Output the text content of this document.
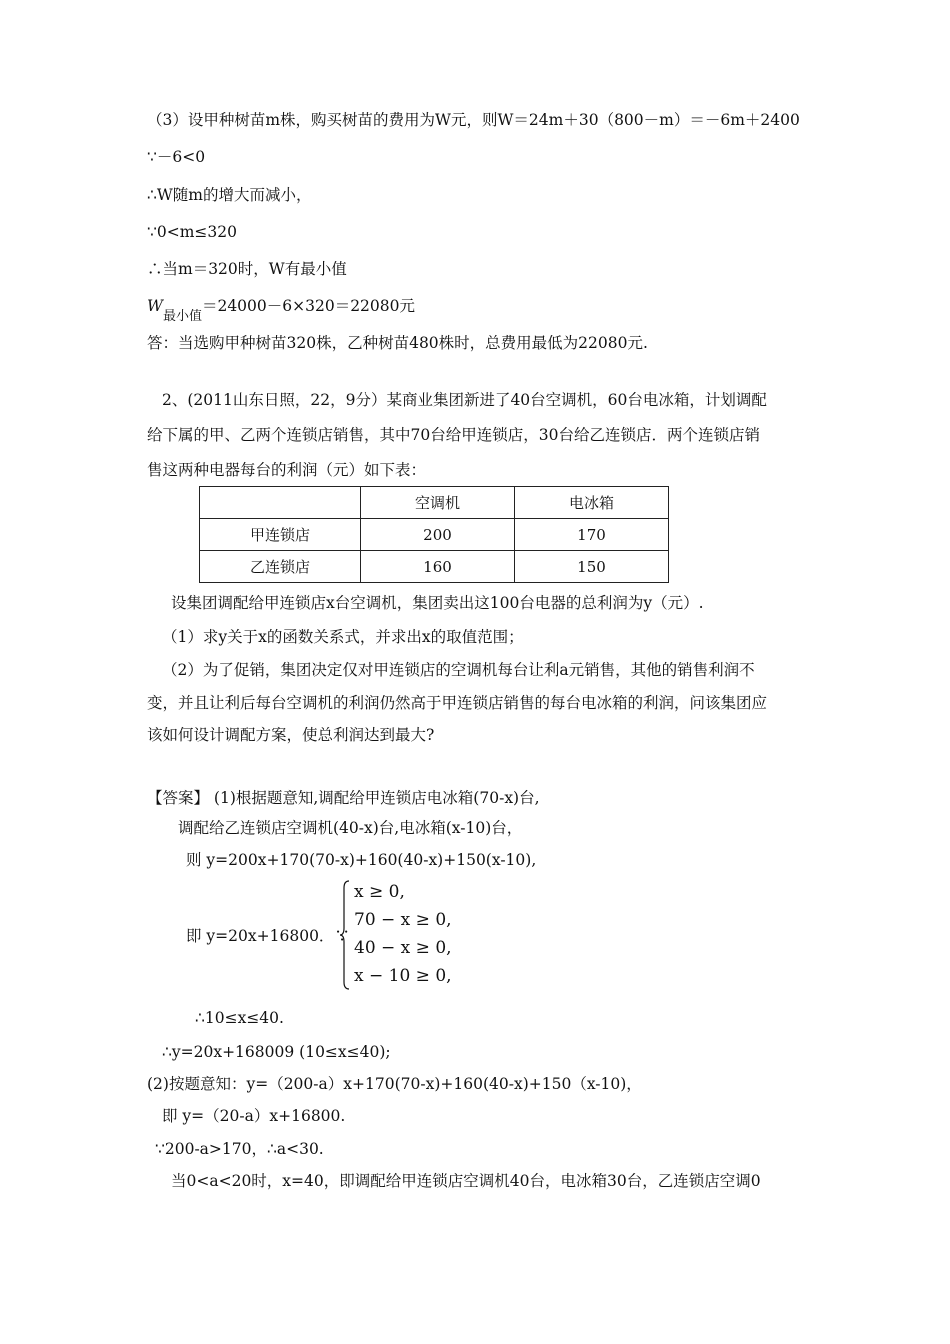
（3）设甲种树苗m株，购买树苗的费用为W元，则W＝24m＋30（800－m）＝－6m＋2400
∵－6<0
∴W随m的增大而减小，
∵0<m≤320
∴当m＝320时，W有最小值
$W_{最小值}=24000-6\times 320=22080$元
答：当选购甲种树苗320株，乙种树苗480株时，总费用最低为22080元.
2、(2011山东日照，22，9分）某商业集团新进了40台空调机，60台电冰箱，计划调配
给下属的甲、乙两个连锁店销售，其中70台给甲连锁店，30台给乙连锁店．两个连锁店销
售这两种电器每台的利润（元）如下表：
	空调机	电冰箱
甲连锁店	200	170
乙连锁店	160	150
设集团调配给甲连锁店x台空调机，集团卖出这100台电器的总利润为y（元）.
（1）求y关于x的函数关系式，并求出x的取值范围；
（2）为了促销，集团决定仅对甲连锁店的空调机每台让利a元销售，其他的销售利润不
变，并且让利后每台空调机的利润仍然高于甲连锁店销售的每台电冰箱的利润，问该集团应
该如何设计调配方案，使总利润达到最大?
【答案】 (1)根据题意知,调配给甲连锁店电冰箱(70-x)台,
调配给乙连锁店空调机(40-x)台,电冰箱(x-10)台，
则 y=200x+170(70-x)+160(40-x)+150(x-10),
即 y=20x+16800．∵
x ≥ 0,
70 − x ≥ 0,
40 − x ≥ 0,
x − 10 ≥ 0,
∴10≤x≤40.
∴y=20x+168009 (10≤x≤40);
(2)按题意知：y=（200-a）x+170(70-x)+160(40-x)+150（x-10)，
即 y=（20-a）x+16800.
∵200-a>170，∴a<30.
当0<a<20时，x=40，即调配给甲连锁店空调机40台，电冰箱30台，乙连锁店空调0
